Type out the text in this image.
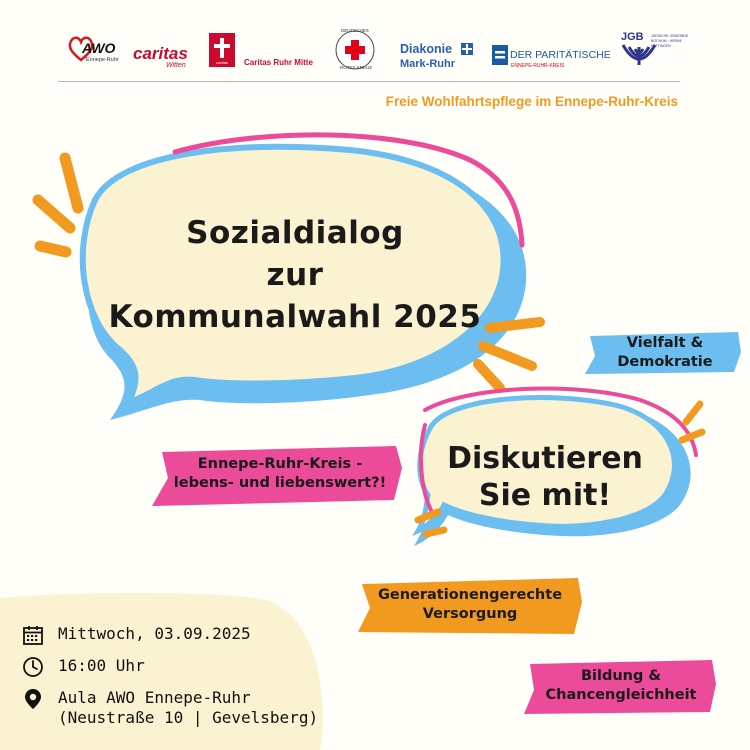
AWO
Ennepe-Ruhr caritas
Witten	caritas Caritas Ruhr Mitte
DEUTSCHES
ROTES KREUZ
Diakonie
Mark-Ruhr
DER PARITÄTISCHE
ENNEPE-RUHR-KREIS
JGB JÜDISCHE GEMEINDE
BOCHUM · HERNE
HATTINGEN
Freie Wohlfahrtspflege im Ennepe-Ruhr-Kreis
Sozialdialog
zur
Kommunalwahl 2025
Diskutieren
Sie mit!
Vielfalt &
Demokratie
Ennepe-Ruhr-Kreis -
lebens- und liebenswert?!
Generationengerechte
Versorgung
Bildung &
Chancengleichheit
Mittwoch, 03.09.2025
16:00 Uhr
Aula AWO Ennepe-Ruhr
(Neustraße 10 | Gevelsberg)
